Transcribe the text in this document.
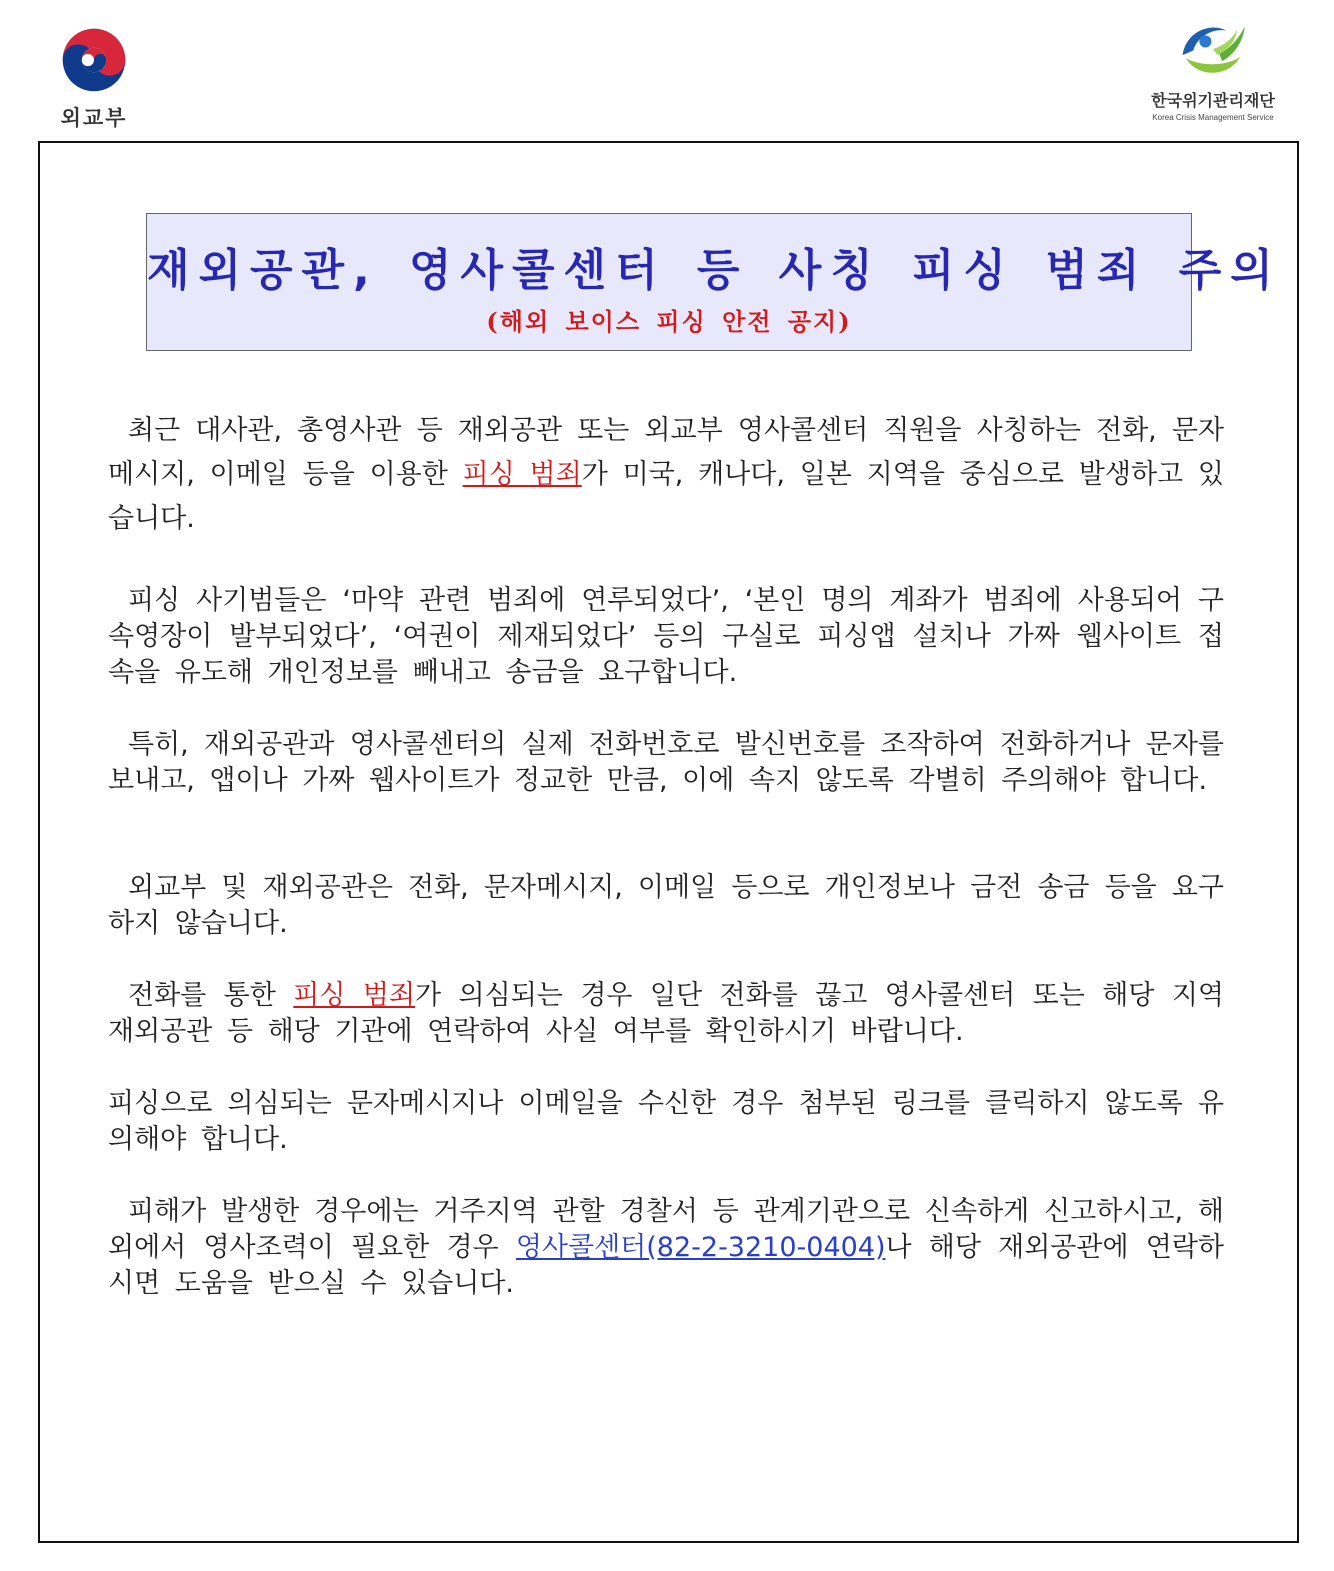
외교부
한국위기관리재단
Korea Crisis Management Service
재외공관, 영사콜센터 등 사칭 피싱 범죄 주의
(해외 보이스 피싱 안전 공지)

최근 대사관, 총영사관 등 재외공관 또는 외교부 영사콜센터 직원을 사칭하는 전화, 문자메시지, 이메일 등을 이용한 피싱 범죄가 미국, 캐나다, 일본 지역을 중심으로 발생하고 있습니다.

피싱 사기범들은 ‘마약 관련 범죄에 연루되었다’, ‘본인 명의 계좌가 범죄에 사용되어 구속영장이 발부되었다’, ‘여권이 제재되었다’ 등의 구실로 피싱앱 설치나 가짜 웹사이트 접속을 유도해 개인정보를 빼내고 송금을 요구합니다.

특히, 재외공관과 영사콜센터의 실제 전화번호로 발신번호를 조작하여 전화하거나 문자를 보내고, 앱이나 가짜 웹사이트가 정교한 만큼, 이에 속지 않도록 각별히 주의해야 합니다.

외교부 및 재외공관은 전화, 문자메시지, 이메일 등으로 개인정보나 금전 송금 등을 요구하지 않습니다.

전화를 통한 피싱 범죄가 의심되는 경우 일단 전화를 끊고 영사콜센터 또는 해당 지역 재외공관 등 해당 기관에 연락하여 사실 여부를 확인하시기 바랍니다.

피싱으로 의심되는 문자메시지나 이메일을 수신한 경우 첨부된 링크를 클릭하지 않도록 유의해야 합니다.

피해가 발생한 경우에는 거주지역 관할 경찰서 등 관계기관으로 신속하게 신고하시고, 해외에서 영사조력이 필요한 경우 영사콜센터(82-2-3210-0404)나 해당 재외공관에 연락하시면 도움을 받으실 수 있습니다.
